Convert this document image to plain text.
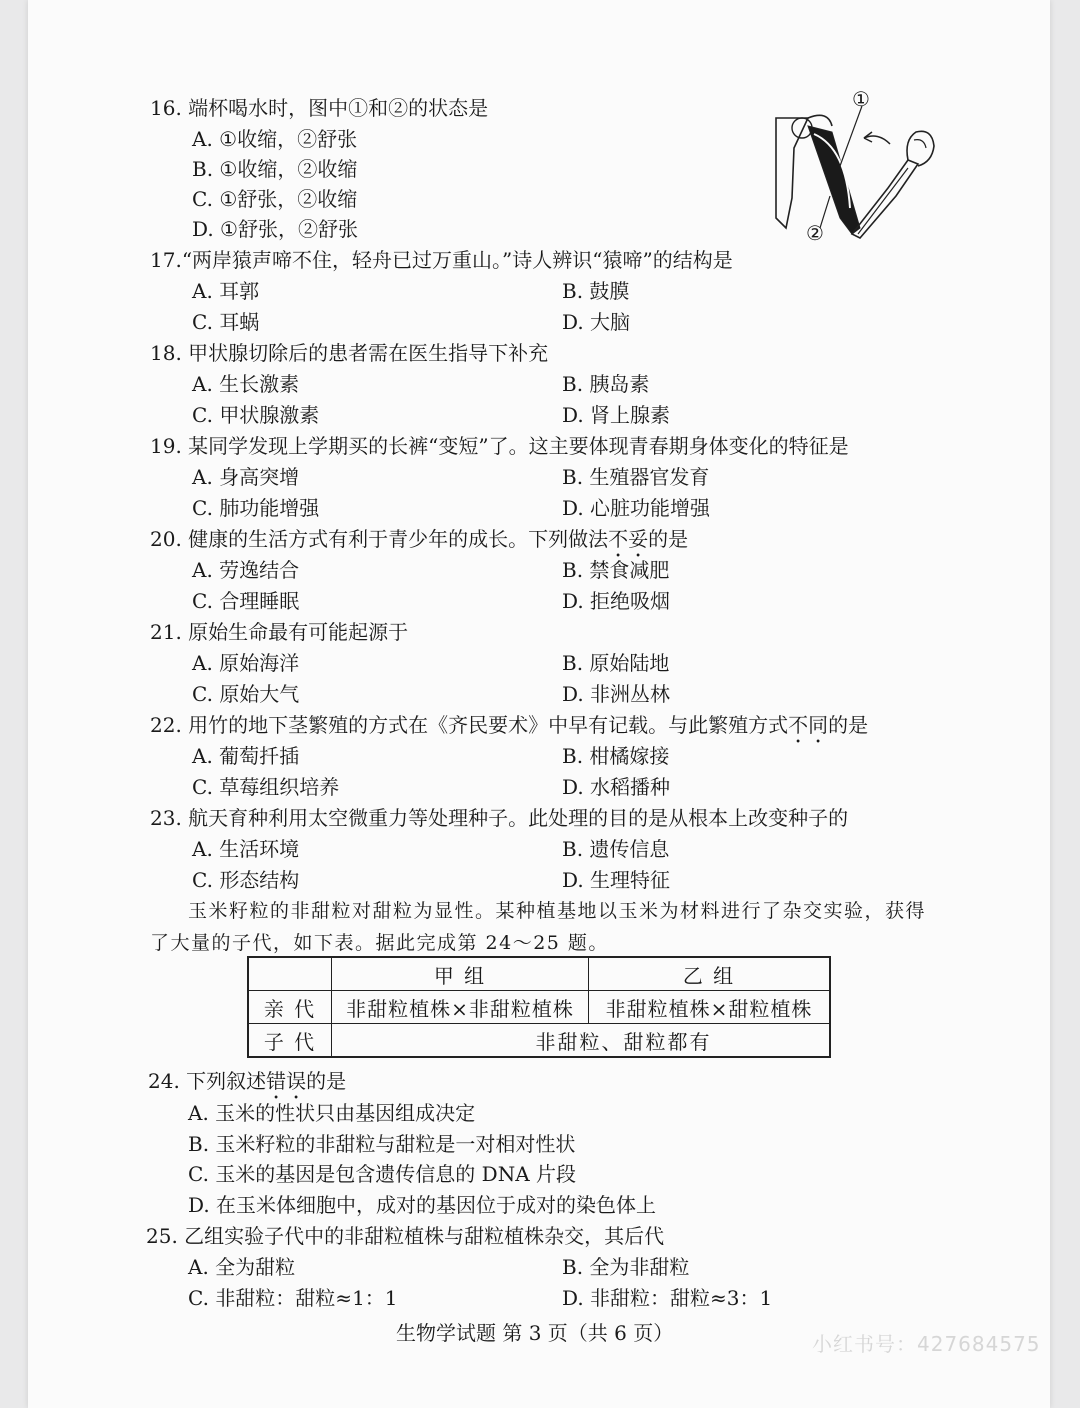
①
②
16. 端杯喝水时，图中①和②的状态是
A. ①收缩，②舒张
B. ①收缩，②收缩
C. ①舒张，②收缩
D. ①舒张，②舒张
17.“两岸猿声啼不住，轻舟已过万重山。”诗人辨识“猿啼”的结构是
A. 耳郭	B. 鼓膜
C. 耳蜗	D. 大脑
18. 甲状腺切除后的患者需在医生指导下补充
A. 生长激素	B. 胰岛素
C. 甲状腺激素	D. 肾上腺素
19. 某同学发现上学期买的长裤“变短”了。这主要体现青春期身体变化的特征是
A. 身高突增	B. 生殖器官发育
C. 肺功能增强	D. 心脏功能增强
20. 健康的生活方式有利于青少年的成长。下列做法不妥的是
A. 劳逸结合	B. 禁食减肥
C. 合理睡眠	D. 拒绝吸烟
21. 原始生命最有可能起源于
A. 原始海洋	B. 原始陆地
C. 原始大气	D. 非洲丛林
22. 用竹的地下茎繁殖的方式在《齐民要术》中早有记载。与此繁殖方式不同的是
A. 葡萄扦插	B. 柑橘嫁接
C. 草莓组织培养	D. 水稻播种
23. 航天育种利用太空微重力等处理种子。此处理的目的是从根本上改变种子的
A. 生活环境	B. 遗传信息
C. 形态结构	D. 生理特征
玉米籽粒的非甜粒对甜粒为显性。某种植基地以玉米为材料进行了杂交实验，获得
了大量的子代，如下表。据此完成第 24～25 题。
	甲 组	乙 组
亲 代	非甜粒植株×非甜粒植株	非甜粒植株×甜粒植株
子 代	非甜粒、甜粒都有	
24. 下列叙述错误的是
A. 玉米的性状只由基因组成决定
B. 玉米籽粒的非甜粒与甜粒是一对相对性状
C. 玉米的基因是包含遗传信息的 DNA 片段
D. 在玉米体细胞中，成对的基因位于成对的染色体上
25. 乙组实验子代中的非甜粒植株与甜粒植株杂交，其后代
A. 全为甜粒	B. 全为非甜粒
C. 非甜粒：甜粒≈1：1	D. 非甜粒：甜粒≈3：1
生物学试题 第 3 页（共 6 页）	小红书号：427684575
